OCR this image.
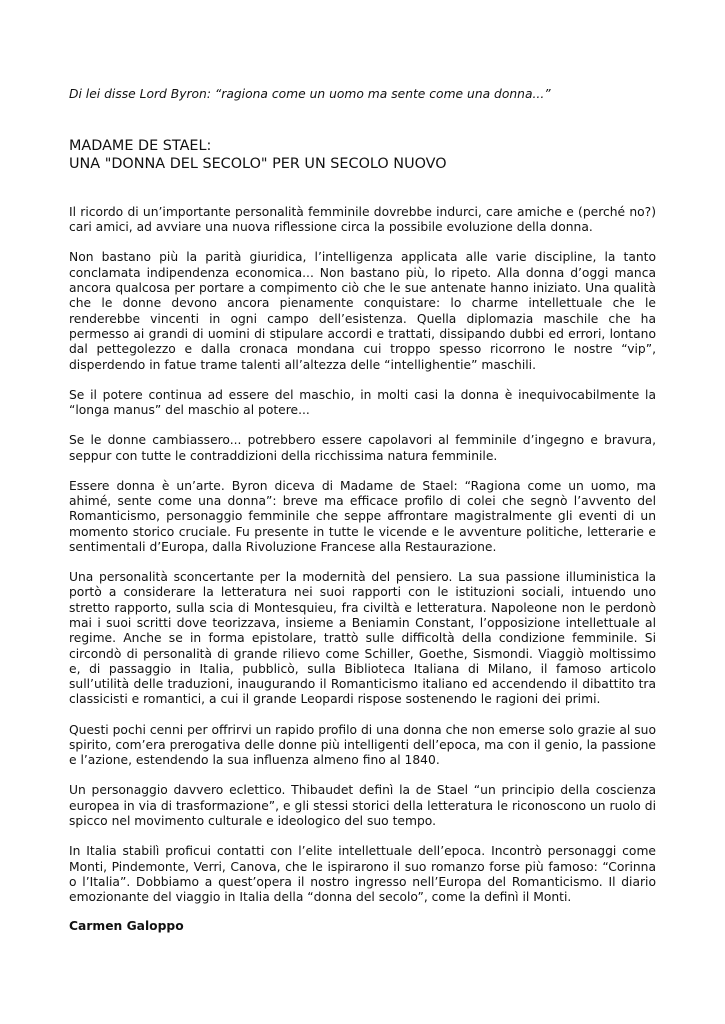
Di lei disse Lord Byron: “ragiona come un uomo ma sente come una donna...”

MADAME DE STAEL:
UNA "DONNA DEL SECOLO" PER UN SECOLO NUOVO

Il ricordo di un’importante personalità femminile dovrebbe indurci, care amiche e (perché no?) cari amici, ad avviare una nuova riflessione circa la possibile evoluzione della donna.

Non bastano più la parità giuridica, l’intelligenza applicata alle varie discipline, la tanto conclamata indipendenza economica... Non bastano più, lo ripeto. Alla donna d’oggi manca ancora qualcosa per portare a compimento ciò che le sue antenate hanno iniziato. Una qualità che le donne devono ancora pienamente conquistare: lo charme intellettuale che le renderebbe vincenti in ogni campo dell’esistenza. Quella diplomazia maschile che ha permesso ai grandi di uomini di stipulare accordi e trattati, dissipando dubbi ed errori, lontano dal pettegolezzo e dalla cronaca mondana cui troppo spesso ricorrono le nostre “vip”, disperdendo in fatue trame talenti all’altezza delle “intellighentie” maschili.

Se il potere continua ad essere del maschio, in molti casi la donna è inequivocabilmente la “longa manus” del maschio al potere...

Se le donne cambiassero... potrebbero essere capolavori al femminile d’ingegno e bravura, seppur con tutte le contraddizioni della ricchissima natura femminile.

Essere donna è un’arte. Byron diceva di Madame de Stael: “Ragiona come un uomo, ma ahimé, sente come una donna”: breve ma efficace profilo di colei che segnò l’avvento del Romanticismo, personaggio femminile che seppe affrontare magistralmente gli eventi di un momento storico cruciale. Fu presente in tutte le vicende e le avventure politiche, letterarie e sentimentali d’Europa, dalla Rivoluzione Francese alla Restaurazione.

Una personalità sconcertante per la modernità del pensiero. La sua passione illuministica la portò a considerare la letteratura nei suoi rapporti con le istituzioni sociali, intuendo uno stretto rapporto, sulla scia di Montesquieu, fra civiltà e letteratura. Napoleone non le perdonò mai i suoi scritti dove teorizzava, insieme a Beniamin Constant, l’opposizione intellettuale al regime. Anche se in forma epistolare, trattò sulle difficoltà della condizione femminile. Si circondò di personalità di grande rilievo come Schiller, Goethe, Sismondi. Viaggiò moltissimo e, di passaggio in Italia, pubblicò, sulla Biblioteca Italiana di Milano, il famoso articolo sull’utilità delle traduzioni, inaugurando il Romanticismo italiano ed accendendo il dibattito tra classicisti e romantici, a cui il grande Leopardi rispose sostenendo le ragioni dei primi.

Questi pochi cenni per offrirvi un rapido profilo di una donna che non emerse solo grazie al suo spirito, com’era prerogativa delle donne più intelligenti dell’epoca, ma con il genio, la passione e l’azione, estendendo la sua influenza almeno fino al 1840.

Un personaggio davvero eclettico. Thibaudet definì la de Stael “un principio della coscienza europea in via di trasformazione”, e gli stessi storici della letteratura le riconoscono un ruolo di spicco nel movimento culturale e ideologico del suo tempo.

In Italia stabilì proficui contatti con l’elite intellettuale dell’epoca. Incontrò personaggi come Monti, Pindemonte, Verri, Canova, che le ispirarono il suo romanzo forse più famoso: “Corinna o l’Italia”. Dobbiamo a quest’opera il nostro ingresso nell’Europa del Romanticismo. Il diario emozionante del viaggio in Italia della “donna del secolo”, come la definì il Monti.

Carmen Galoppo
